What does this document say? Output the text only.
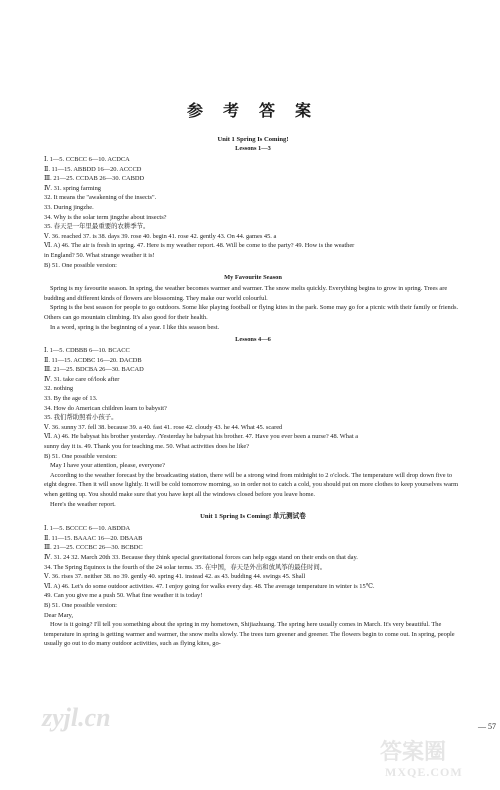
参 考 答 案
Unit 1 Spring Is Coming!
Lessons 1—3

Ⅰ. 1—5. CCBCC 6—10. ACDCA

Ⅱ. 11—15. ABBDD 16—20. ACCCD

Ⅲ. 21—25. CCDAB 26—30. CABDD

Ⅳ. 31. spring farming

32. It means the "awakening of the insects".

33. During jingzhe.

34. Why is the solar term jingzhe about insects?

35. 春天是一年里最重要的农耕季节。

Ⅴ. 36. reached 37. is 38. days 39. rose 40. begin 41. rose 42. gently 43. On 44. games 45. a

Ⅵ. A) 46. The air is fresh in spring. 47. Here is my weather report. 48. Will be come to the party? 49. How is the weather

in England? 50. What strange weather it is!

B) 51. One possible version:

My Favourite Season

Spring is my favourite season. In spring, the weather becomes warmer and warmer. The snow melts quickly. Everything begins to grow in spring. Trees are budding and different kinds of flowers are blossoming. They make our world colourful.

Spring is the best season for people to go outdoors. Some like playing football or flying kites in the park. Some may go for a picnic with their family or friends. Others can go mountain climbing. It's also good for their health.

In a word, spring is the beginning of a year. I like this season best.

Lessons 4—6

Ⅰ. 1—5. CDBBB 6—10. BCACC

Ⅱ. 11—15. ACDBC 16—20. DACDB

Ⅲ. 21—25. BDCBA 26—30. BACAD

Ⅳ. 31. take care of/look after

32. nothing

33. By the age of 13.

34. How do American children learn to babysit?

35. 我们帮助照看小孩子。

Ⅴ. 36. sunny 37. fell 38. because 39. a 40. fast 41. rose 42. cloudy 43. he 44. What 45. scared

Ⅵ. A) 46. He babysat his brother yesterday. /Yesterday he babysat his brother. 47. Have you ever been a nurse? 48. What a

sunny day it is. 49. Thank you for teaching me. 50. What activities does he like?

B) 51. One possible version:

May I have your attention, please, everyone?

According to the weather forecast by the broadcasting station, there will be a strong wind from midnight to 2 o'clock. The temperature will drop down five to eight degree. Then it will snow lightly. It will be cold tomorrow morning, so in order not to catch a cold, you should put on more clothes to keep yourselves warm when getting up. You should make sure that you have kept all the windows closed before you leave home.

Here's the weather report.

Unit 1 Spring Is Coming! 单元测试卷

Ⅰ. 1—5. BCCCC 6—10. ABDDA

Ⅱ. 11—15. BAAAC 16—20. DBAAB

Ⅲ. 21—25. CCCBC 26—30. BCBDC

Ⅳ. 31. 24 32. March 20th 33. Because they think special gravitational forces can help eggs stand on their ends on that day.

34. The Spring Equinox is the fourth of the 24 solar terms. 35. 在中国，春天是外出和放风筝的最佳时间。

Ⅴ. 36. rises 37. neither 38. no 39. gently 40. spring 41. instead 42. as 43. budding 44. swings 45. Shall

Ⅵ. A) 46. Let's do some outdoor activities. 47. I enjoy going for walks every day. 48. The average temperature in winter is 15℃.

49. Can you give me a push 50. What fine weather it is today!

B) 51. One possible version:

Dear Mary,

How is it going? I'll tell you something about the spring in my hometown, Shijiazhuang. The spring here usually comes in March. It's very beautiful. The temperature in spring is getting warmer and warmer, the snow melts slowly. The trees turn greener and greener. The flowers begin to come out. In spring, people usually go out to do many outdoor activities, such as flying kites, go-

— 57
zyjl.cn
答案圈
MXQE.COM
